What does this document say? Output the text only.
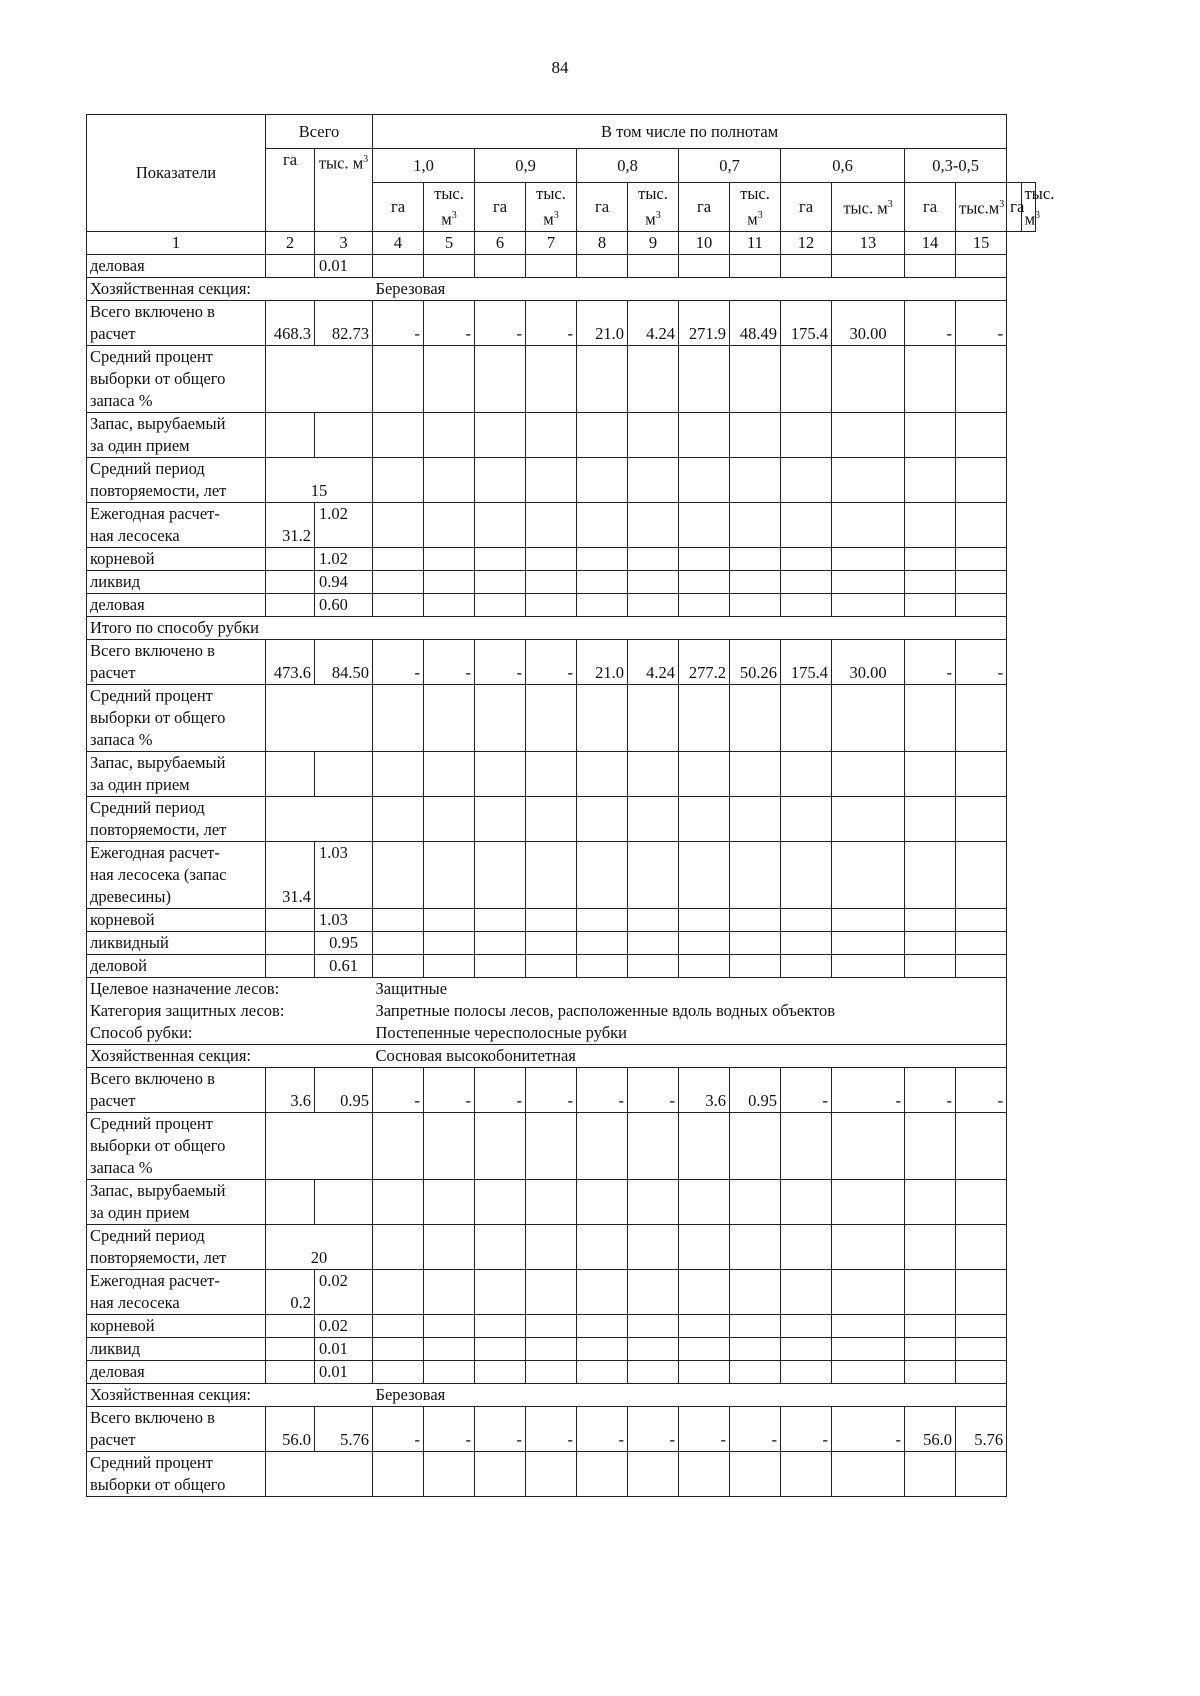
84
Показатели	Всего		В том числе по полнотам													
	га	тыс. $м^3$	1,0		0,9		0,8		0,7		0,6		0,3-0,5			
			га	тыс. $м^3$	га	тыс. $м^3$	га	тыс. $м^3$	га	тыс. $м^3$	га	тыс. $м^3$	га	$тыс.м^3$	га	тыс. $м^3$
1	2	3	4	5	6	7	8	9	10	11	12	13	14	15		
деловая		0.01														
Хозяйственная секция:			Березовая													

Всего включено в
расчет	468.3	82.73	-	-	-	-	21.0	4.24	271.9	48.49	175.4	30.00	-	-		

Средний процент
выборки от общего
запаса %																

Запас, вырубаемый
за один прием																

Средний период
повторяемости, лет	15															

Ежегодная расчет-
ная лесосека	31.2	1.02														
корневой		1.02														
ликвид		0.94														
деловая		0.60														
Итого по способу рубки																

Всего включено в
расчет	473.6	84.50	-	-	-	-	21.0	4.24	277.2	50.26	175.4	30.00	-	-		

Средний процент
выборки от общего
запаса %																

Запас, вырубаемый
за один прием																

Средний период
повторяемости, лет																

Ежегодная расчет-
ная лесосека (запас
древесины)	31.4	1.03														
корневой		1.03														
ликвидный		0.95														
деловой		0.61														
Целевое назначение лесов:			Защитные													
Категория защитных лесов:			Запретные полосы лесов, расположенные вдоль водных объектов													
Способ рубки:			Постепенные чересполосные рубки													
Хозяйственная секция:			Сосновая высокобонитетная													

Всего включено в
расчет	3.6	0.95	-	-	-	-	-	-	3.6	0.95	-	-	-	-		

Средний процент
выборки от общего
запаса %																

Запас, вырубаемый
за один прием																

Средний период
повторяемости, лет	20															

Ежегодная расчет-
ная лесосека	0.2	0.02														
корневой		0.02														
ликвид		0.01														
деловая		0.01														
Хозяйственная секция:			Березовая													

Всего включено в
расчет	56.0	5.76	-	-	-	-	-	-	-	-	-	-	56.0	5.76		

Средний процент
выборки от общего																
